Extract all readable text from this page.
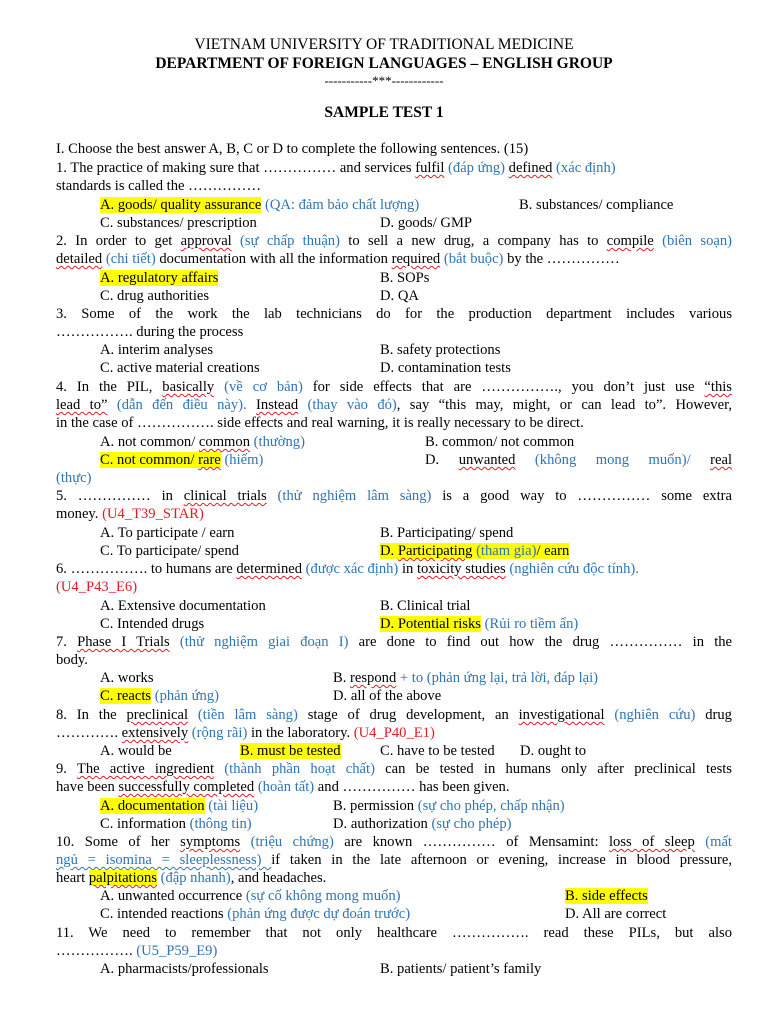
VIETNAM UNIVERSITY OF TRADITIONAL MEDICINE
DEPARTMENT OF FOREIGN LANGUAGES – ENGLISH GROUP
-----------***------------
SAMPLE TEST 1
I. Choose the best answer A, B, C or D to complete the following sentences. (15)
1. The practice of making sure that …………… and services fulfil (đáp ứng) defined (xác định)
standards is called the ……………
A. goods/ quality assurance (QA: đảm bảo chất lượng)	B. substances/ compliance
C. substances/ prescription	D. goods/ GMP
2. In order to get approval (sự chấp thuận) to sell a new drug, a company has to compile (biên soạn)
detailed (chi tiết) documentation with all the information required (bắt buộc) by the ……………
A. regulatory affairs	B. SOPs
C. drug authorities	D. QA
3. Some of the work the lab technicians do for the production department includes various
……………. during the process
A. interim analyses	B. safety protections
C. active material creations	D. contamination tests
4. In the PIL, basically (về cơ bản) for side effects that are ……………., you don’t just use “this
lead to” (dẫn đến điều này). Instead (thay vào đó), say “this may, might, or can lead to”. However,
in the case of ……………. side effects and real warning, it is really necessary to be direct.
A. not common/ common (thường)	B. common/ not common
C. not common/ rare (hiếm)	D. unwanted (không mong muốn)/ real
(thực)
5. …………… in clinical trials (thử nghiệm lâm sàng) is a good way to …………… some extra
money. (U4_T39_STAR)
A. To participate / earn	B. Participating/ spend
C. To participate/ spend	D. Participating (tham gia)/ earn
6. ……………. to humans are determined (được xác định) in toxicity studies (nghiên cứu độc tính).
(U4_P43_E6)
A. Extensive documentation	B. Clinical trial
C. Intended drugs	D. Potential risks (Rủi ro tiềm ẩn)
7. Phase I Trials (thử nghiệm giai đoạn I) are done to find out how the drug …………… in the
body.
A. works	B. respond + to (phản ứng lại, trả lời, đáp lại)
C. reacts (phản ứng)	D. all of the above
8. In the preclinical (tiền lâm sàng) stage of drug development, an investigational (nghiên cứu) drug
…………. extensively (rộng rãi) in the laboratory. (U4_P40_E1)
A. would be	B. must be tested	C. have to be tested D. ought to
9. The active ingredient (thành phần hoạt chất) can be tested in humans only after preclinical tests
have been successfully completed (hoàn tất) and …………… has been given.
A. documentation (tài liệu)	B. permission (sự cho phép, chấp nhận)
C. information (thông tin)	D. authorization (sự cho phép)
10. Some of her symptoms (triệu chứng) are known …………… of Mensamint: loss of sleep (mất
ngủ = isomina = sleeplessness) if taken in the late afternoon or evening, increase in blood pressure,
heart palpitations (đập nhanh), and headaches.
A. unwanted occurrence (sự cố không mong muốn)	B. side effects
C. intended reactions (phản ứng được dự đoán trước)	D. All are correct
11. We need to remember that not only healthcare ……………. read these PILs, but also
……………. (U5_P59_E9)
A. pharmacists/professionals	B. patients/ patient’s family
